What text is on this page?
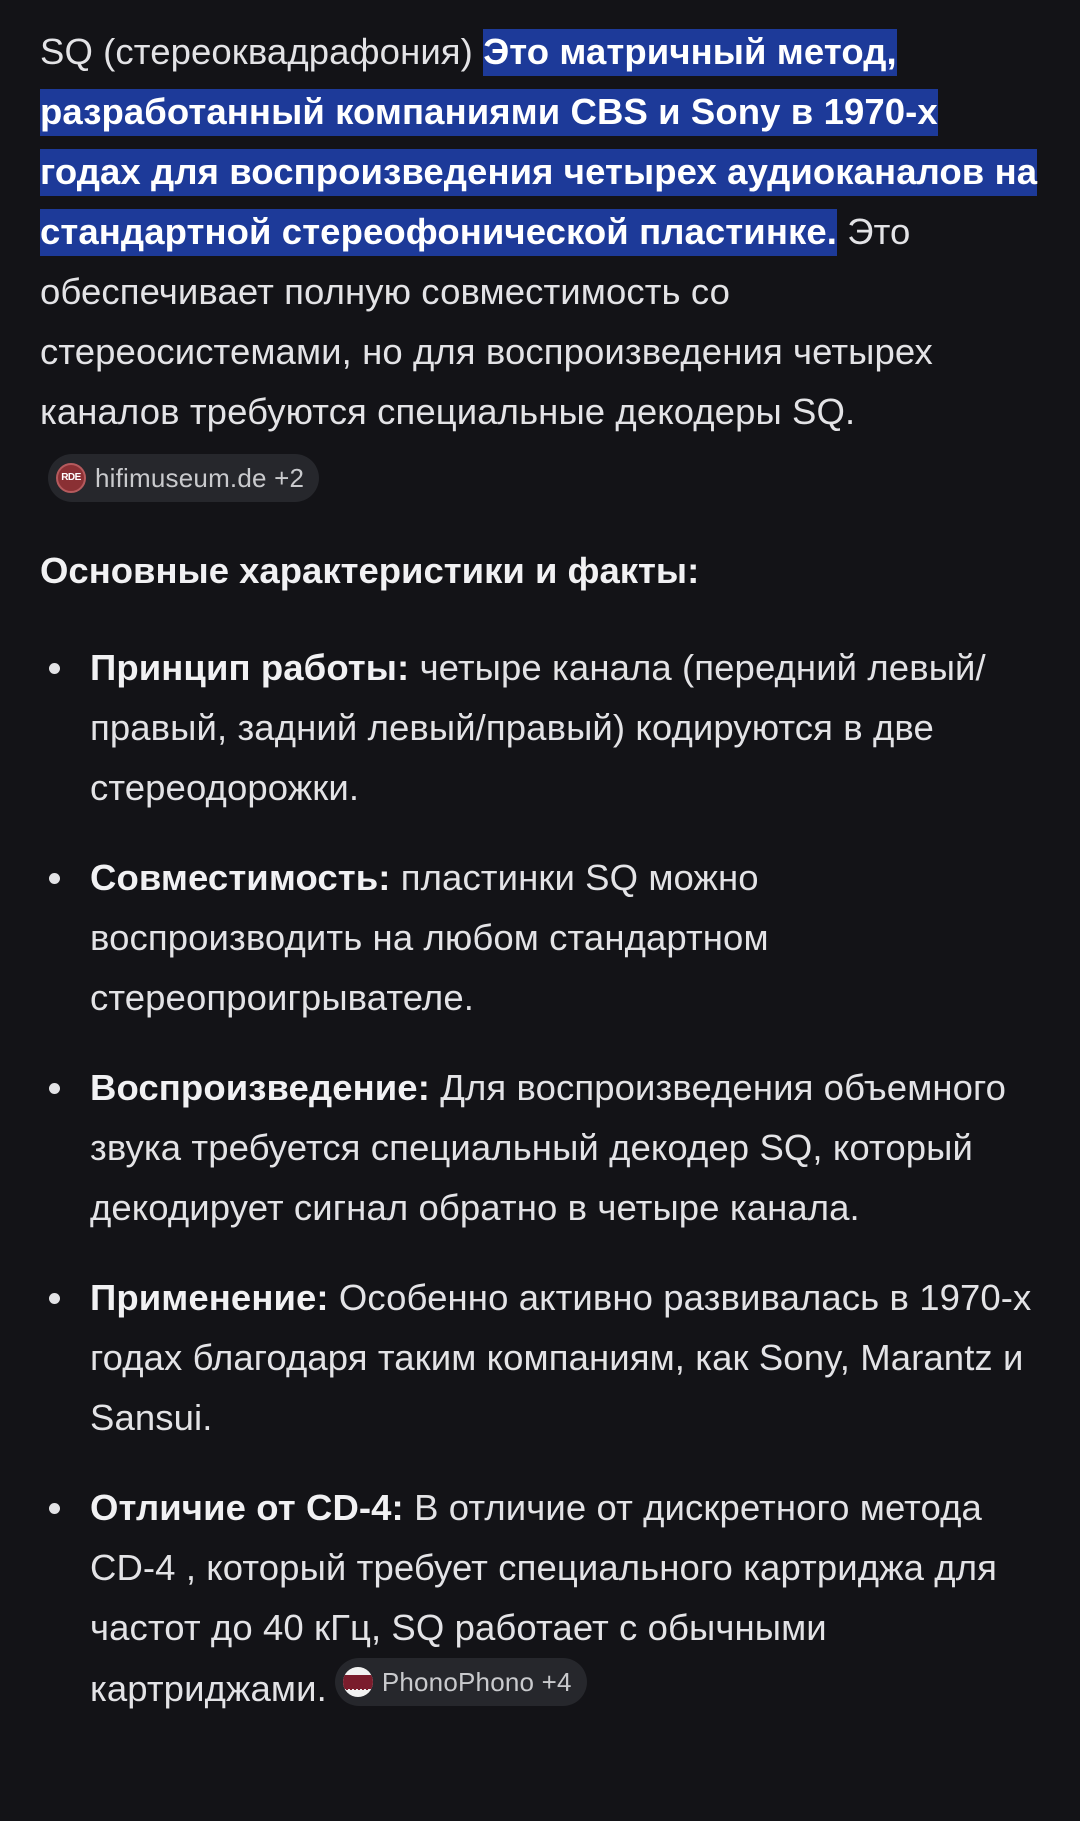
SQ (стереоквадрафония) Это матричный метод, разработанный компаниями CBS и Sony в 1970-х годах для воспроизведения четырех аудиоканалов на стандартной стереофонической пластинке. Это обеспечивает полную совместимость со стереосистемами, но для воспроизведения четырех каналов требуются специальные декодеры SQ.
RDE hifimuseum.de +2

Основные характеристики и факты:
Принцип работы: четыре канала (передний левый/правый, задний левый/правый) кодируются в две стереодорожки.
Совместимость: пластинки SQ можно воспроизводить на любом стандартном стереопроигрывателе.
Воспроизведение: Для воспроизведения объемного звука требуется специальный декодер SQ, который декодирует сигнал обратно в четыре канала.
Применение: Особенно активно развивалась в 1970-х годах благодаря таким компаниям, как Sony, Marantz и Sansui.
Отличие от CD-4: В отличие от дискретного метода CD-4 , который требует специального картриджа для частот до 40 кГц, SQ работает с обычными картриджами. PhonoPhono +4
